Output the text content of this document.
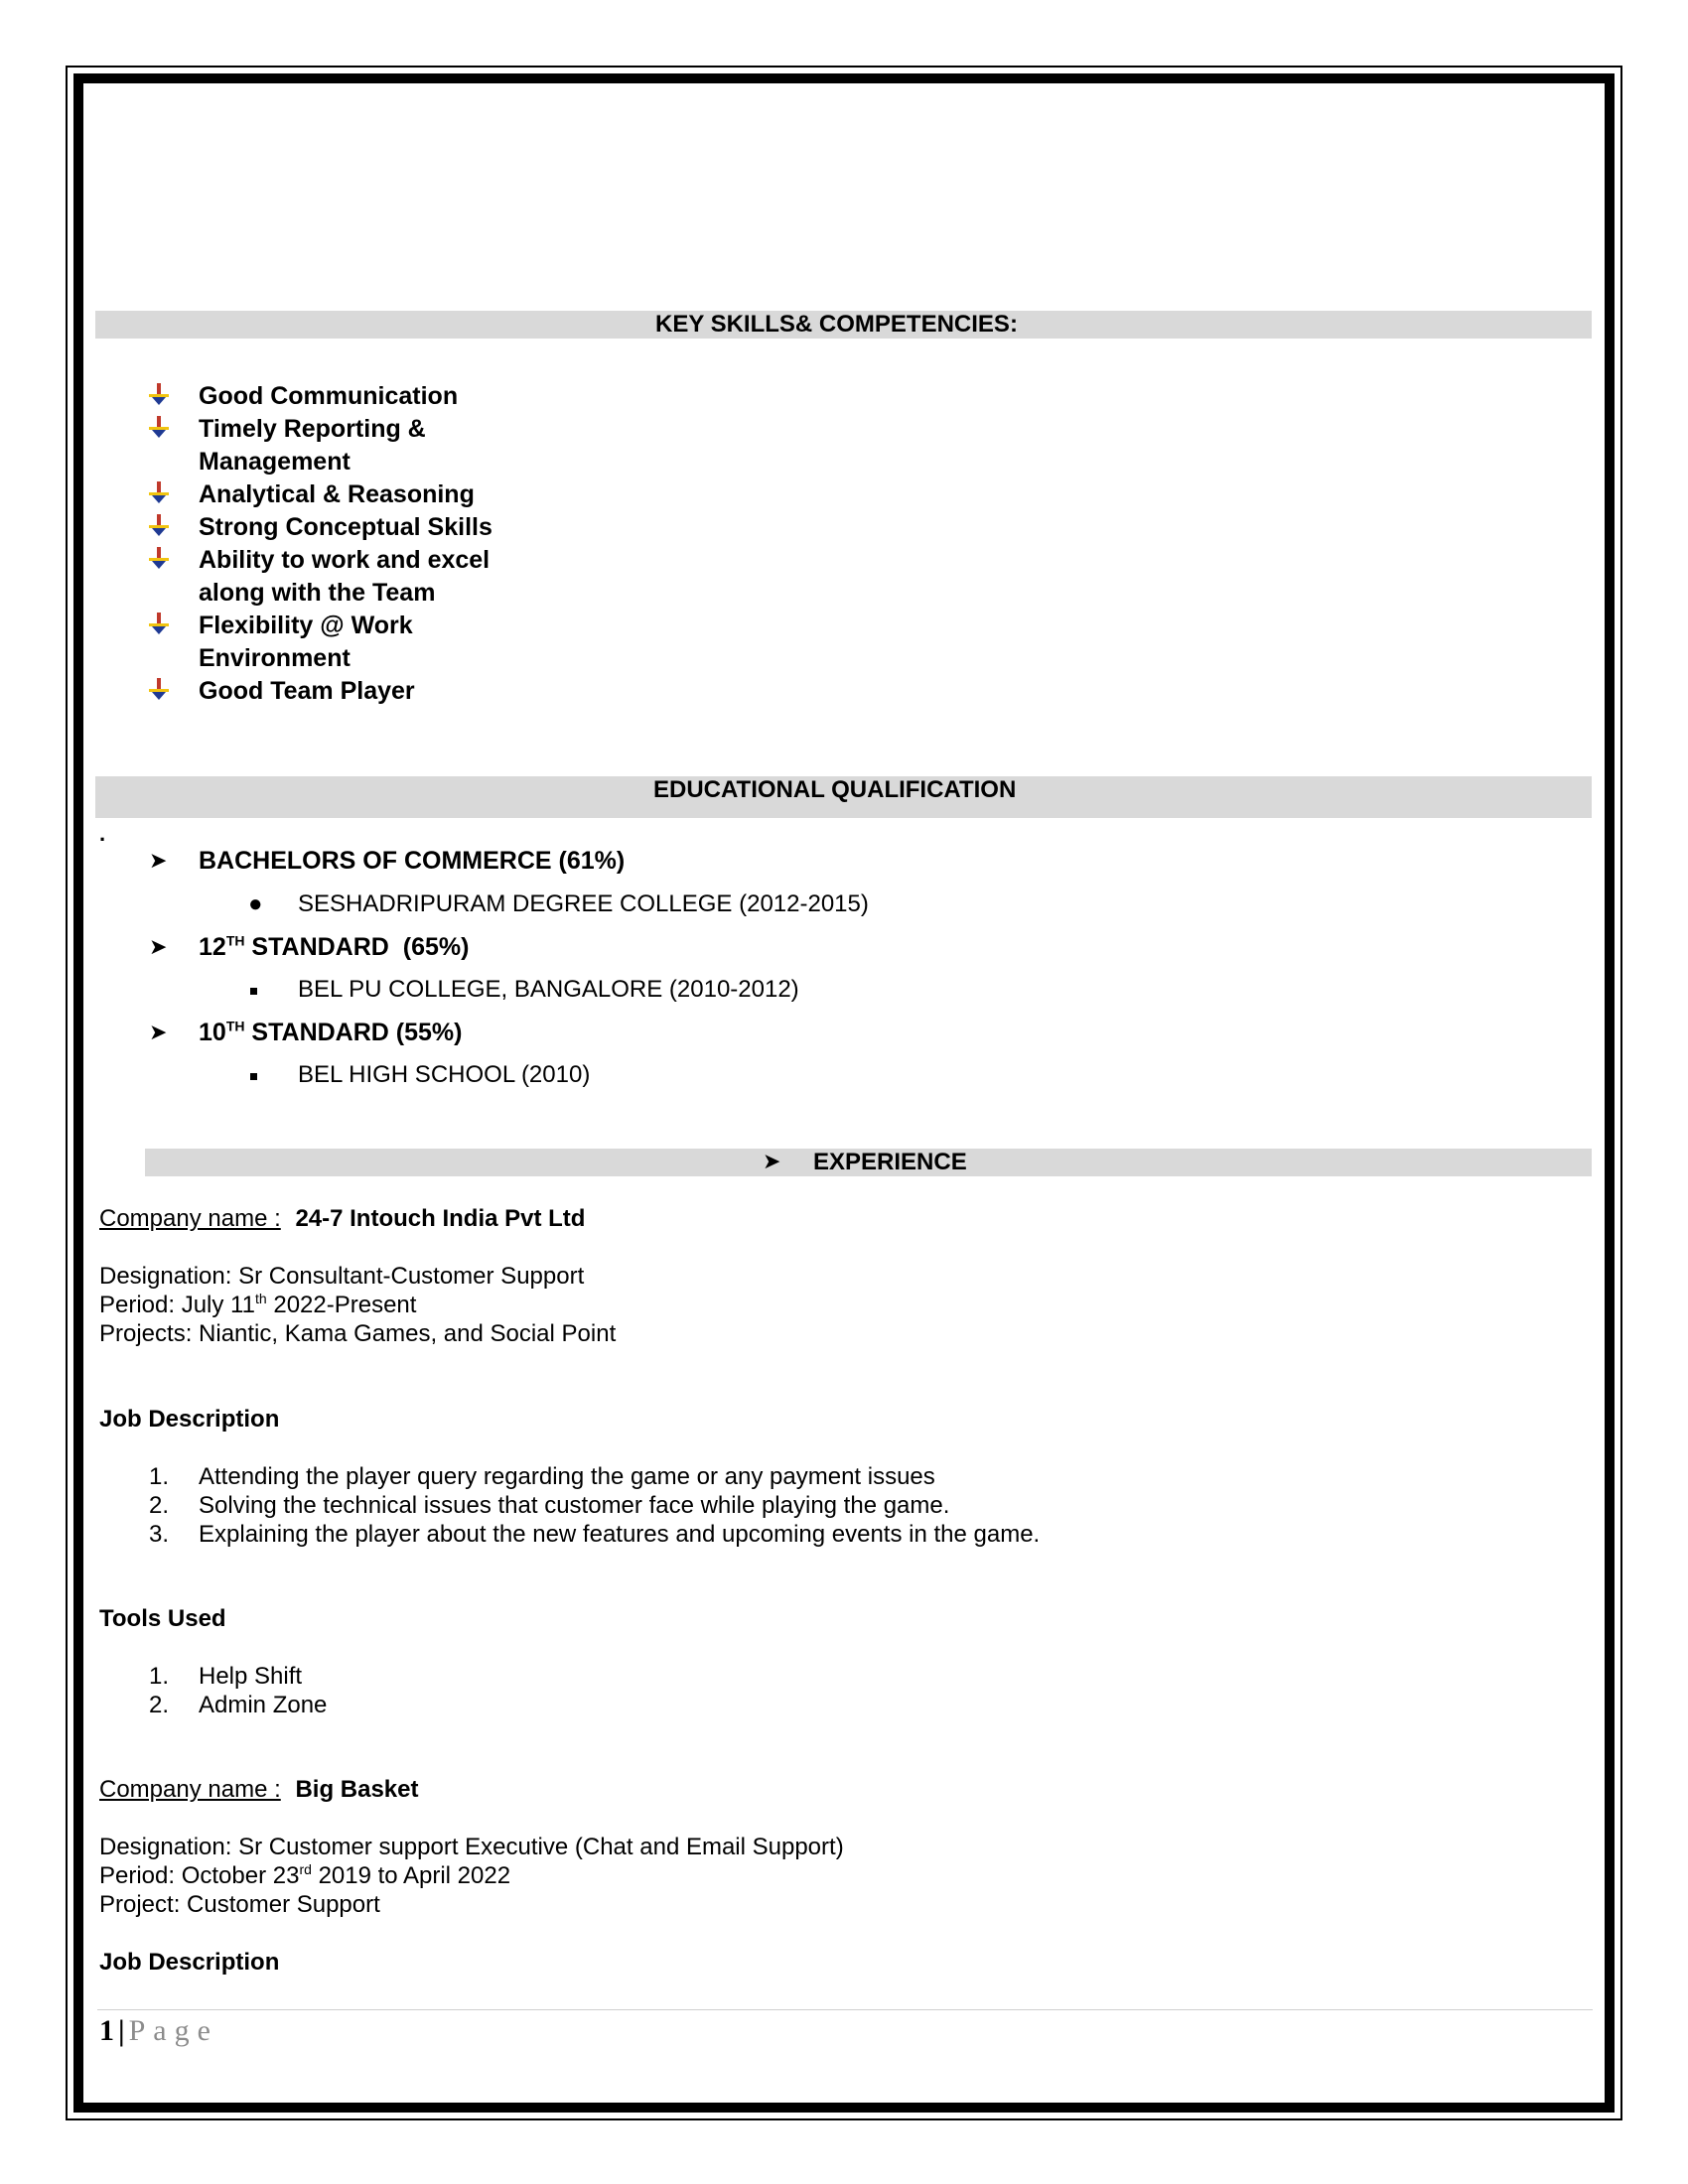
KEY SKILLS& COMPETENCIES:
Good Communication
Timely Reporting &
Management
Analytical & Reasoning
Strong Conceptual Skills
Ability to work and excel
along with the Team
Flexibility @ Work
Environment
Good Team Player
EDUCATIONAL QUALIFICATION
.
➤ BACHELORS OF COMMERCE (61%)
● SESHADRIPURAM DEGREE COLLEGE (2012-2015)
➤ 12TH STANDARD  (65%)
BEL PU COLLEGE, BANGALORE (2010-2012)
➤ 10TH STANDARD (55%)
BEL HIGH SCHOOL (2010)
➤ EXPERIENCE
Company name : 24-7 Intouch India Pvt Ltd
Designation: Sr Consultant-Customer Support
Period: July 11th 2022-Present
Projects: Niantic, Kama Games, and Social Point
Job Description
1. Attending the player query regarding the game or any payment issues
2. Solving the technical issues that customer face while playing the game.
3. Explaining the player about the new features and upcoming events in the game.
Tools Used
1. Help Shift
2. Admin Zone
Company name : Big Basket
Designation: Sr Customer support Executive (Chat and Email Support)
Period: October 23rd 2019 to April 2022
Project: Customer Support
Job Description
1 | Page
